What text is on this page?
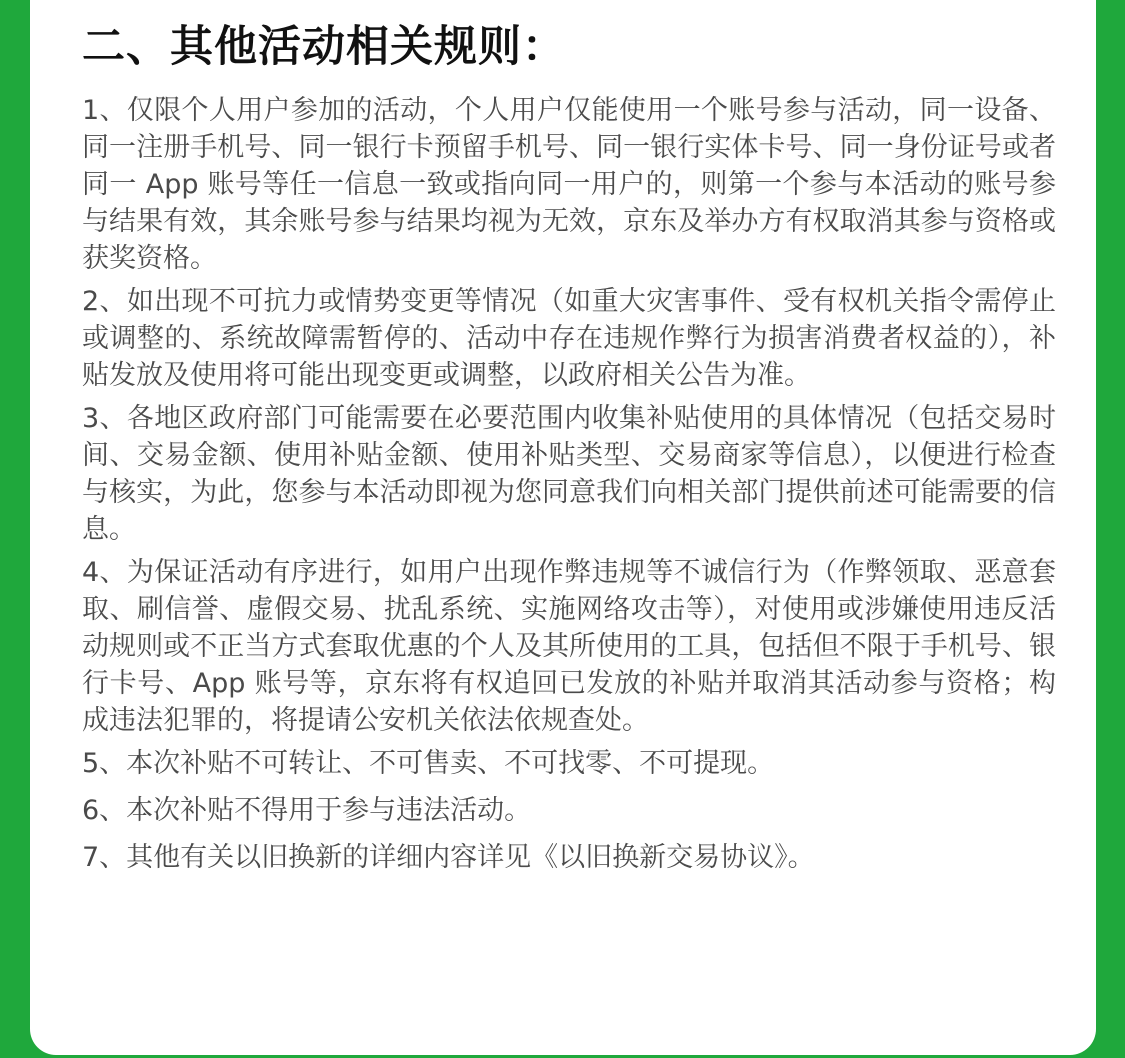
二、其他活动相关规则：

1、仅限个人用户参加的活动，个人用户仅能使用一个账号参与活动，同一设备、同一注册手机号、同一银行卡预留手机号、同一银行实体卡号、同一身份证号或者同一 App 账号等任一信息一致或指向同一用户的，则第一个参与本活动的账号参与结果有效，其余账号参与结果均视为无效，京东及举办方有权取消其参与资格或获奖资格。

2、如出现不可抗力或情势变更等情况（如重大灾害事件、受有权机关指令需停止或调整的、系统故障需暂停的、活动中存在违规作弊行为损害消费者权益的），补贴发放及使用将可能出现变更或调整，以政府相关公告为准。

3、各地区政府部门可能需要在必要范围内收集补贴使用的具体情况（包括交易时间、交易金额、使用补贴金额、使用补贴类型、交易商家等信息），以便进行检查与核实，为此，您参与本活动即视为您同意我们向相关部门提供前述可能需要的信息。

4、为保证活动有序进行，如用户出现作弊违规等不诚信行为（作弊领取、恶意套取、刷信誉、虚假交易、扰乱系统、实施网络攻击等），对使用或涉嫌使用违反活动规则或不正当方式套取优惠的个人及其所使用的工具，包括但不限于手机号、银行卡号、App 账号等，京东将有权追回已发放的补贴并取消其活动参与资格；构成违法犯罪的，将提请公安机关依法依规查处。

5、本次补贴不可转让、不可售卖、不可找零、不可提现。

6、本次补贴不得用于参与违法活动。

7、其他有关以旧换新的详细内容详见《以旧换新交易协议》。
